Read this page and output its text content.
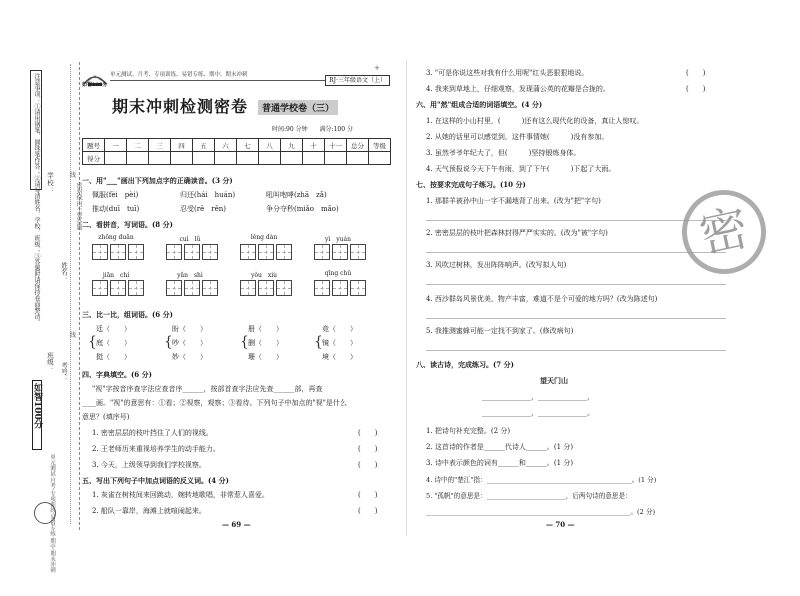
注意事项：①请用钢笔、圆珠笔作答；②请写清姓名、学校、班级；③答题时请保持卷面整洁。 学校：
班级：
姓名：
考号：
密封线内不要答题
如智100分
单元测试·月考·专项训练·易错专练·期中·期末冲刺
线
线
如智100分
单元测试、月考、专项训练、易错专练、期中、期末冲刺
+
RJ·三年级语文（上）
期末冲刺检测密卷	普通学校卷（三）
时间:90 分钟　　满分:100 分
题号	一	二	三	四	五	六	七	八	九	十	十一	总分	等级
得分													
一、用"___"画出下列加点字的正确读音。(3 分)
佩服(fèi　pèi)	归还(hái　huán)	吼叫咆哮(zhā　zǎ)
推动(duī　tuī)	忍受(rě　rěn)	争分夺秒(miǎo　mǎo)
二、看拼音，写词语。(8 分)
zhōng duān	cuì　lǜ	lěng dàn	yì　yuán
jiān　chí	yǎn　shì	yǒu　xiù	qīng chǔ
三、比一比，组词语。(6 分)
{	{	{	{
廷（　　）	盼（　　）	册（　　）	竞（　　）
庭（　　）	吵（　　）	删（　　）	镜（　　）
挺（　　）	妙（　　）	珊（　　）	境（　　）
四、字典填空。(6 分)
"视"字按音序查字法应查音序______，按部首查字法应先查______部，再查
____画。"视"的意思有：①看；②视察，观察；③看待。下列句子中加点的"视"是什么
意思？(填序号)
1. 密密层层的枝叶挡住了人们的视线。	(　　)
2. 王老师历来重视培养学生的动手能力。	(　　)
3. 今天，上级领导到我们学校视察。	(　　)
五、写出下列句子中加点词语的反义词。(4 分)
1. 灰雀在树枝间来回跳动，婉转地歌唱，非常惹人喜爱。	(　　)
2. 船队一靠岸，海滩上就喧闹起来。	(　　)
— 69 —
3. "可是你说这些对我有什么用呢"红头恶狠狠地说。	(　　)
4. 我来到草地上，仔细观察，发现蒲公英的花瓣是合拢的。	(　　)
六、用"然"组成合适的词语填空。(4 分)
1. 在这样的小山村里，(　　　)还有这么现代化的设备，真让人惊叹。
2. 从她的话里可以感觉到，这件事情她(　　　)没有参加。
3. 虽然爷爷年纪大了，但(　　　)坚持锻炼身体。
4. 天气预报说今天下午有雨，到了下午(　　　)下起了大雨。
七、按要求完成句子练习。(10 分)
1. 那群羊被孙中山一字不漏地背了出来。(改为"把"字句)
2. 密密层层的枝叶把森林封得严严实实的。(改为"被"字句)
3. 风吹过树林，发出阵阵响声。(改写拟人句)
4. 西沙群岛风景优美，物产丰富，难道不是个可爱的地方吗？(改为陈述句)
5. 我推测蜜蜂可能一定找不到家了。(修改病句)
八、读古诗，完成练习。(7 分)
望天门山
______________，______________，
______________，______________。
1. 把诗句补充完整。(2 分)
2. 这首诗的作者是______代诗人______。(1 分)
3. 诗中表示颜色的词有______和______。(1 分)
4. 诗中的"楚江"指：____________________________________________。(1 分)
5. "孤帆"的意思是：________________________，后两句诗的意思是：
______________________________________________________________。(2 分)
— 70 —
密
